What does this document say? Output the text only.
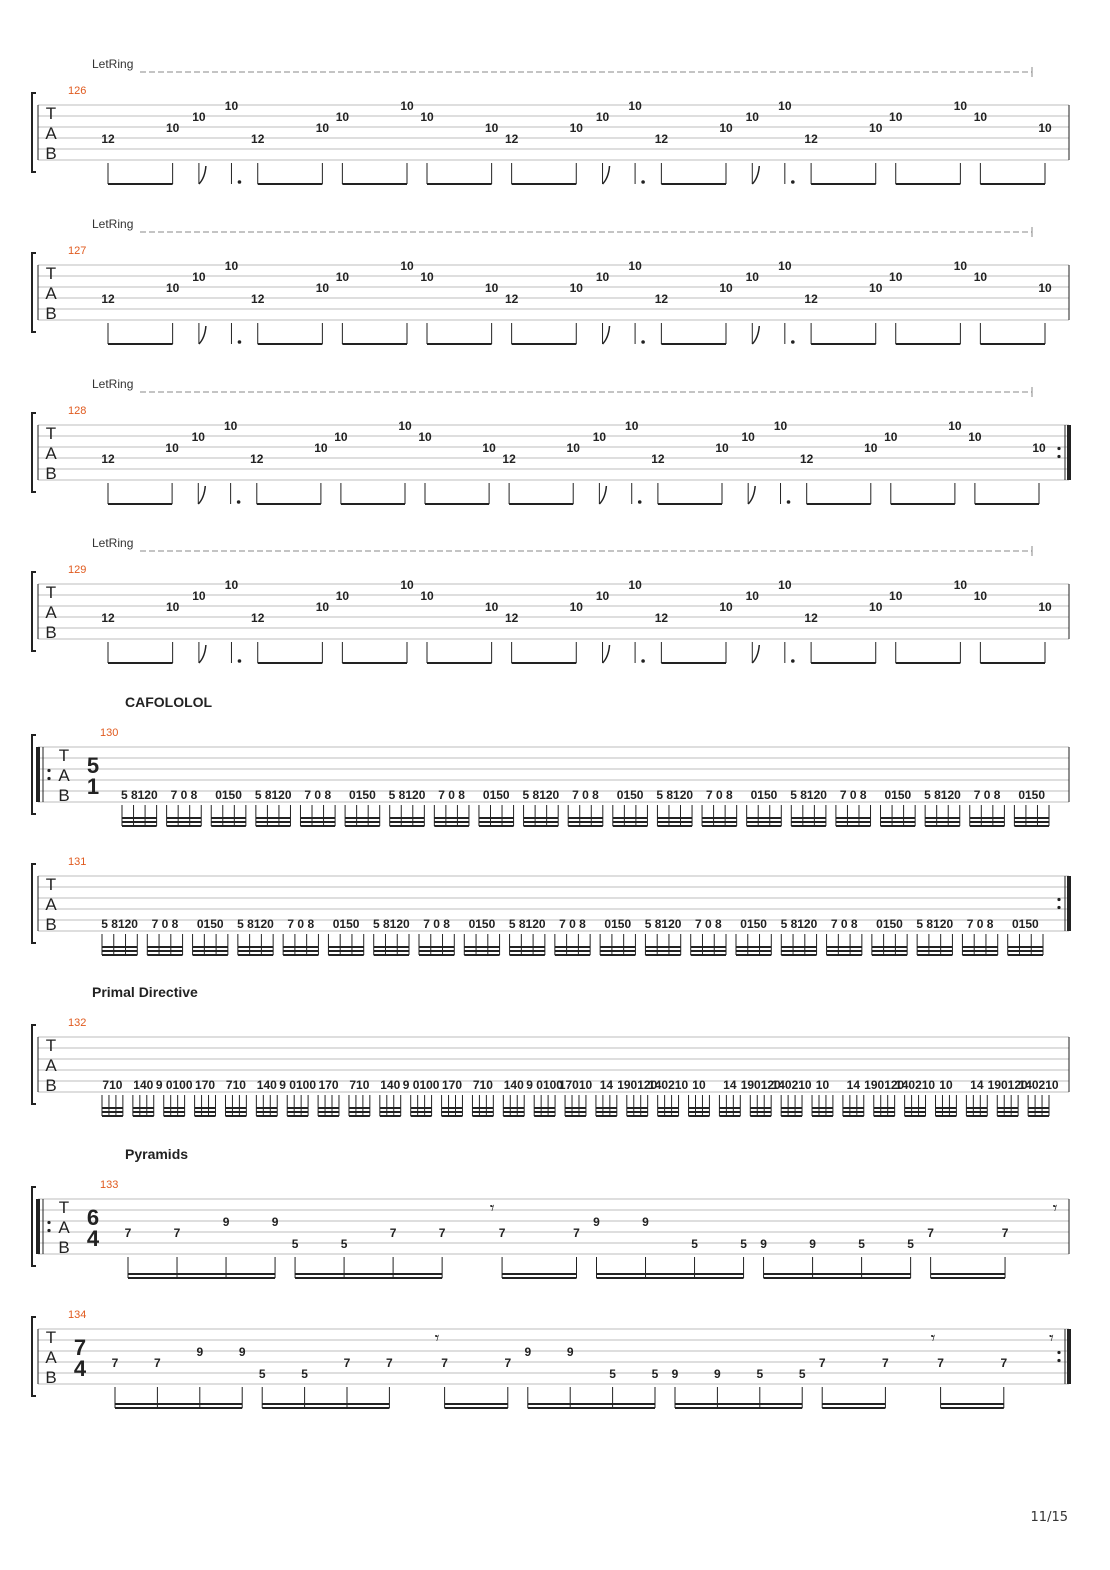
T
A
B
126
LetRing
12
10
10
10
12
10
10
10
10
10
12
10
10
10
12
10
10
10
12
10
10
10
10
10
T
A
B
127
LetRing
12
10
10
10
12
10
10
10
10
10
12
10
10
10
12
10
10
10
12
10
10
10
10
10
T
A
B
128
LetRing
12
10
10
10
12
10
10
10
10
10
12
10
10
10
12
10
10
10
12
10
10
10
10
10
T
A
B
129
LetRing
12
10
10
10
12
10
10
10
10
10
12
10
10
10
12
10
10
10
12
10
10
10
10
10
T
A
B
5
1
130
CAFOLOLOL
5 8120 7 0 8 0150 5 8120 7 0 8 0150 5 8120 7 0 8 0150 5 8120 7 0 8 0150 5 8120 7 0 8 0150 5 8120 7 0 8 0150 5 8120 7 0 8 0150
T
A
B
131
5 8120 7 0 8 0150 5 8120 7 0 8 0150 5 8120 7 0 8 0150 5 8120 7 0 8 0150 5 8120 7 0 8 0150 5 8120 7 0 8 0150 5 8120 7 0 8 0150
T
A
B
132
Primal Directive
710 140 9 0100 170 710 140 9 0100 170 710 140 9 0100 170 710 140 9 0100
17010 14 190120
140210 10 14 190120
140210 10 14 190120
140210 10 14 190120
140210
T
A
B
6
4
133
Pyramids
7	7
9	9
5	5
7	7
𝄾
7	7
9	9
5	5 9	9	5	5
7	7
𝄾
T
A
B
7
4
134
7	7
9	9
5	5
7	7
𝄾
7	7
9	9
5	5 9	9	5	5
7	7
𝄾
7	7
𝄾
11/15
